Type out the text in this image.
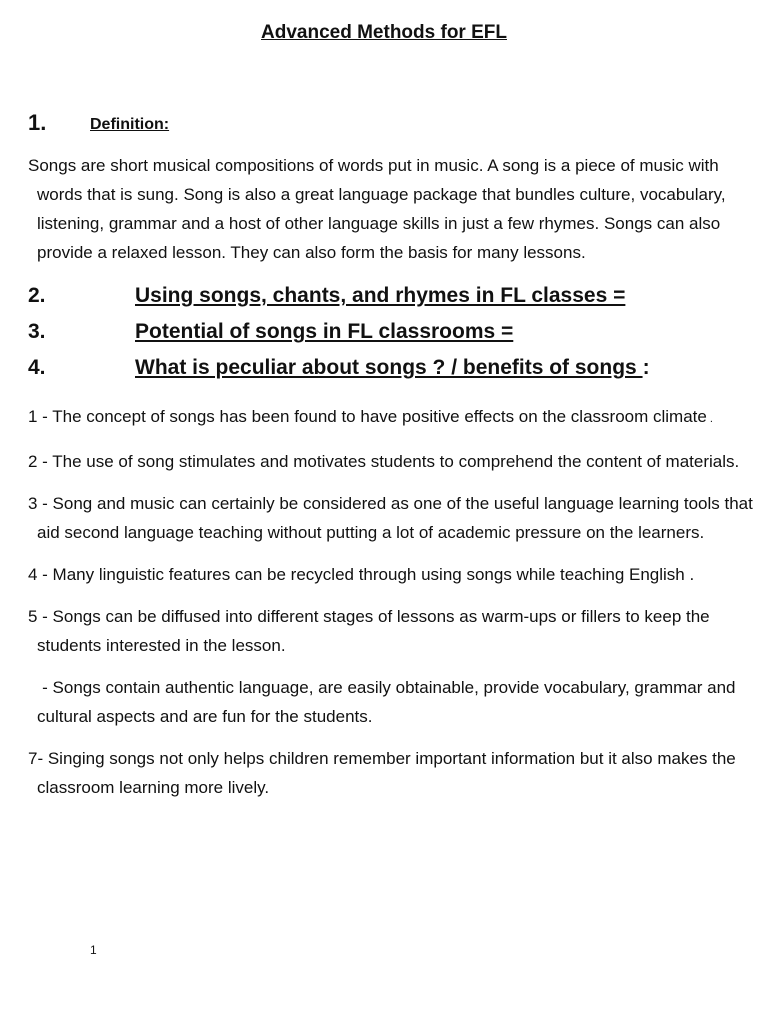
Advanced Methods for EFL
1.	Definition:
Songs are short musical compositions of words put in music. A song is a piece of music with words that is sung. Song is also a great language package that bundles culture, vocabulary, listening, grammar and a host of other language skills in just a few rhymes. Songs can also provide a relaxed lesson. They can also form the basis for many lessons.
2.	Using songs, chants, and rhymes in FL classes =
3.	Potential of songs in FL classrooms =
4.	What is peculiar about songs ? / benefits of songs :
1 - The concept of songs has been found to have positive effects on the classroom climate .
2 - The use of song stimulates and motivates students to comprehend the content of materials.
3 - Song and music can certainly be considered as one of the useful language learning tools that aid second language teaching without putting a lot of academic pressure on the learners.
4 - Many linguistic features can be recycled through using songs while teaching English .
5 - Songs can be diffused into different stages of lessons as warm-ups or fillers to keep the students interested in the lesson.
- Songs contain authentic language, are easily obtainable, provide vocabulary, grammar and cultural aspects and are fun for the students.
7- Singing songs not only helps children remember important information but it also makes the classroom learning more lively.
1
